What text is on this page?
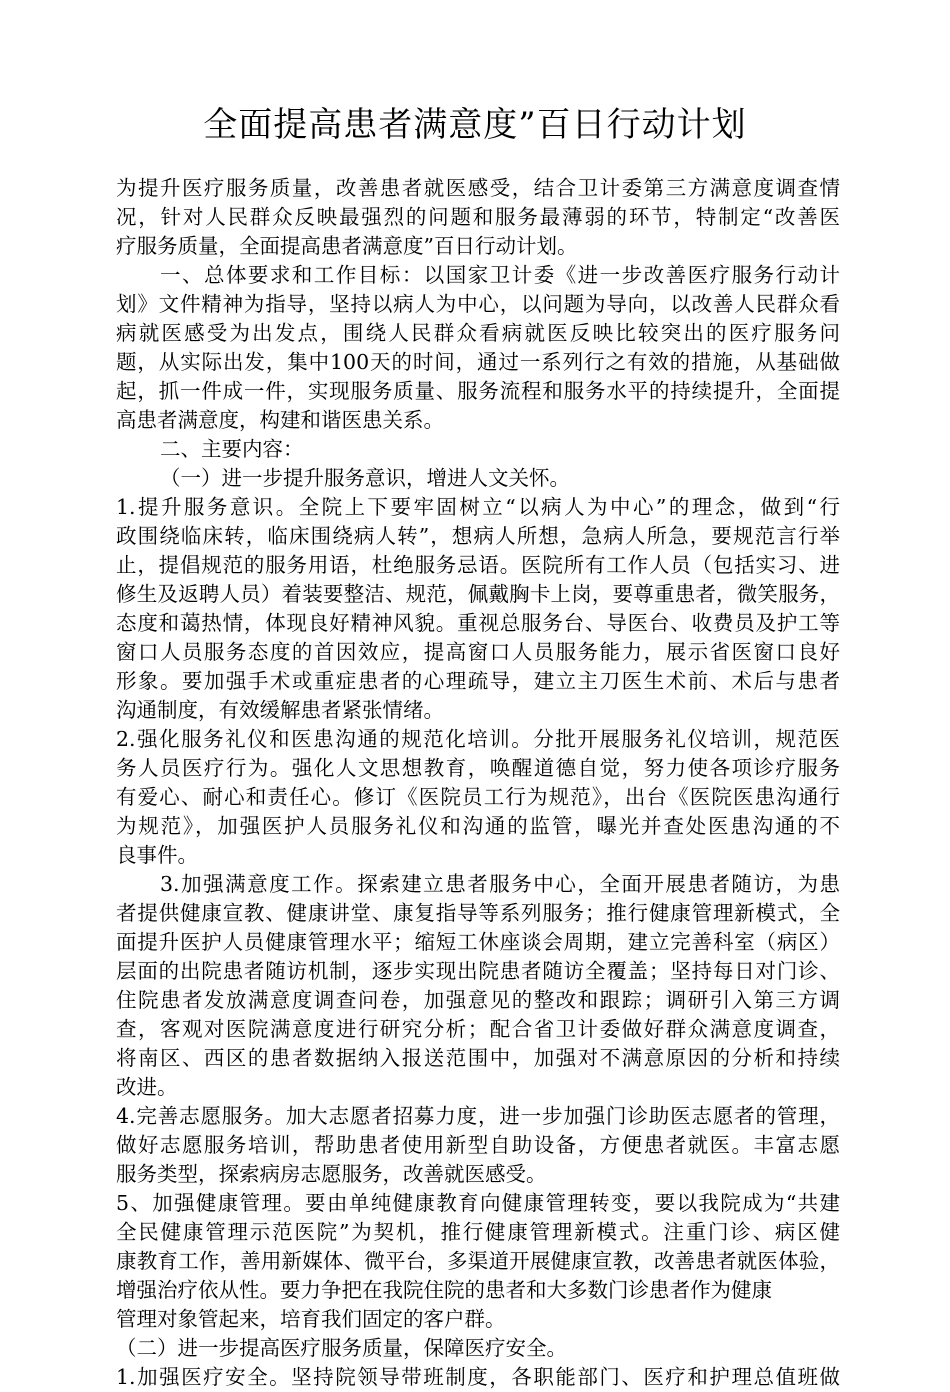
全面提高患者满意度”百日行动计划
为提升医疗服务质量，改善患者就医感受，结合卫计委第三方满意度调查情
况，针对人民群众反映最强烈的问题和服务最薄弱的环节，特制定“改善医
疗服务质量，全面提高患者满意度”百日行动计划。
一、总体要求和工作目标：以国家卫计委《进一步改善医疗服务行动计
划》文件精神为指导，坚持以病人为中心，以问题为导向，以改善人民群众看
病就医感受为出发点，围绕人民群众看病就医反映比较突出的医疗服务问
题，从实际出发，集中100天的时间，通过一系列行之有效的措施，从基础做
起，抓一件成一件，实现服务质量、服务流程和服务水平的持续提升，全面提
高患者满意度，构建和谐医患关系。
二、主要内容：
（一）进一步提升服务意识，增进人文关怀。
1.提升服务意识。全院上下要牢固树立“以病人为中心”的理念，做到“行
政围绕临床转，临床围绕病人转”，想病人所想，急病人所急，要规范言行举
止，提倡规范的服务用语，杜绝服务忌语。医院所有工作人员（包括实习、进
修生及返聘人员）着装要整洁、规范，佩戴胸卡上岗，要尊重患者，微笑服务，
态度和蔼热情，体现良好精神风貌。重视总服务台、导医台、收费员及护工等
窗口人员服务态度的首因效应，提高窗口人员服务能力，展示省医窗口良好
形象。要加强手术或重症患者的心理疏导，建立主刀医生术前、术后与患者
沟通制度，有效缓解患者紧张情绪。
2.强化服务礼仪和医患沟通的规范化培训。分批开展服务礼仪培训，规范医
务人员医疗行为。强化人文思想教育，唤醒道德自觉，努力使各项诊疗服务
有爱心、耐心和责任心。修订《医院员工行为规范》，出台《医院医患沟通行
为规范》，加强医护人员服务礼仪和沟通的监管，曝光并查处医患沟通的不
良事件。
3.加强满意度工作。探索建立患者服务中心，全面开展患者随访，为患
者提供健康宣教、健康讲堂、康复指导等系列服务；推行健康管理新模式，全
面提升医护人员健康管理水平；缩短工休座谈会周期，建立完善科室（病区）
层面的出院患者随访机制，逐步实现出院患者随访全覆盖；坚持每日对门诊、
住院患者发放满意度调查问卷，加强意见的整改和跟踪；调研引入第三方调
查，客观对医院满意度进行研究分析；配合省卫计委做好群众满意度调查，
将南区、西区的患者数据纳入报送范围中，加强对不满意原因的分析和持续
改进。
4.完善志愿服务。加大志愿者招募力度，进一步加强门诊助医志愿者的管理，
做好志愿服务培训，帮助患者使用新型自助设备，方便患者就医。丰富志愿
服务类型，探索病房志愿服务，改善就医感受。
5、加强健康管理。要由单纯健康教育向健康管理转变，要以我院成为“共建
全民健康管理示范医院”为契机，推行健康管理新模式。注重门诊、病区健
康教育工作，善用新媒体、微平台，多渠道开展健康宣教，改善患者就医体验，
增强治疗依从性。要力争把在我院住院的患者和大多数门诊患者作为健康
管理对象管起来，培育我们固定的客户群。
（二）进一步提高医疗服务质量，保障医疗安全。
1.加强医疗安全。坚持院领导带班制度，各职能部门、医疗和护理总值班做
